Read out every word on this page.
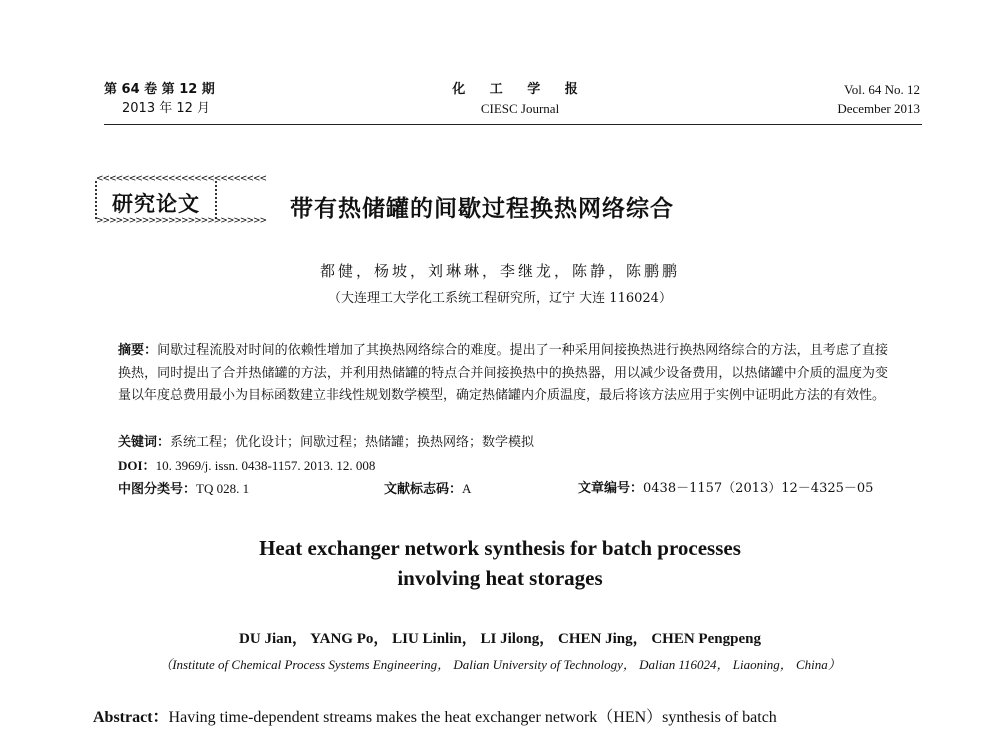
第 64 卷 第 12 期
2013 年 12 月
化 工 学 报
CIESC Journal
Vol. 64 No. 12
December 2013
<<<<<<<<<<<<<<<<<<<<<<<<<<
研究论文
>>>>>>>>>>>>>>>>>>>>>>>>>> 带有热储罐的间歇过程换热网络综合
都健，杨坡，刘琳琳，李继龙，陈静，陈鹏鹏
（大连理工大学化工系统工程研究所，辽宁 大连 116024）
摘要：间歇过程流股对时间的依赖性增加了其换热网络综合的难度。提出了一种采用间接换热进行换热网络综合的方法，且考虑了直接换热，同时提出了合并热储罐的方法，并利用热储罐的特点合并间接换热中的换热器，用以减少设备费用，以热储罐中介质的温度为变量以年度总费用最小为目标函数建立非线性规划数学模型，确定热储罐内介质温度，最后将该方法应用于实例中证明此方法的有效性。
关键词：系统工程；优化设计；间歇过程；热储罐；换热网络；数学模拟
DOI：10. 3969/j. issn. 0438-1157. 2013. 12. 008
中图分类号：TQ 028. 1	文献标志码：A	文章编号：0438－1157（2013）12－4325－05
Heat exchanger network synthesis for batch processes
involving heat storages
DU Jian， YANG Po， LIU Linlin， LI Jilong， CHEN Jing， CHEN Pengpeng
（Institute of Chemical Process Systems Engineering， Dalian University of Technology， Dalian 116024， Liaoning， China）
Abstract：Having time-dependent streams makes the heat exchanger network（HEN）synthesis of batch
